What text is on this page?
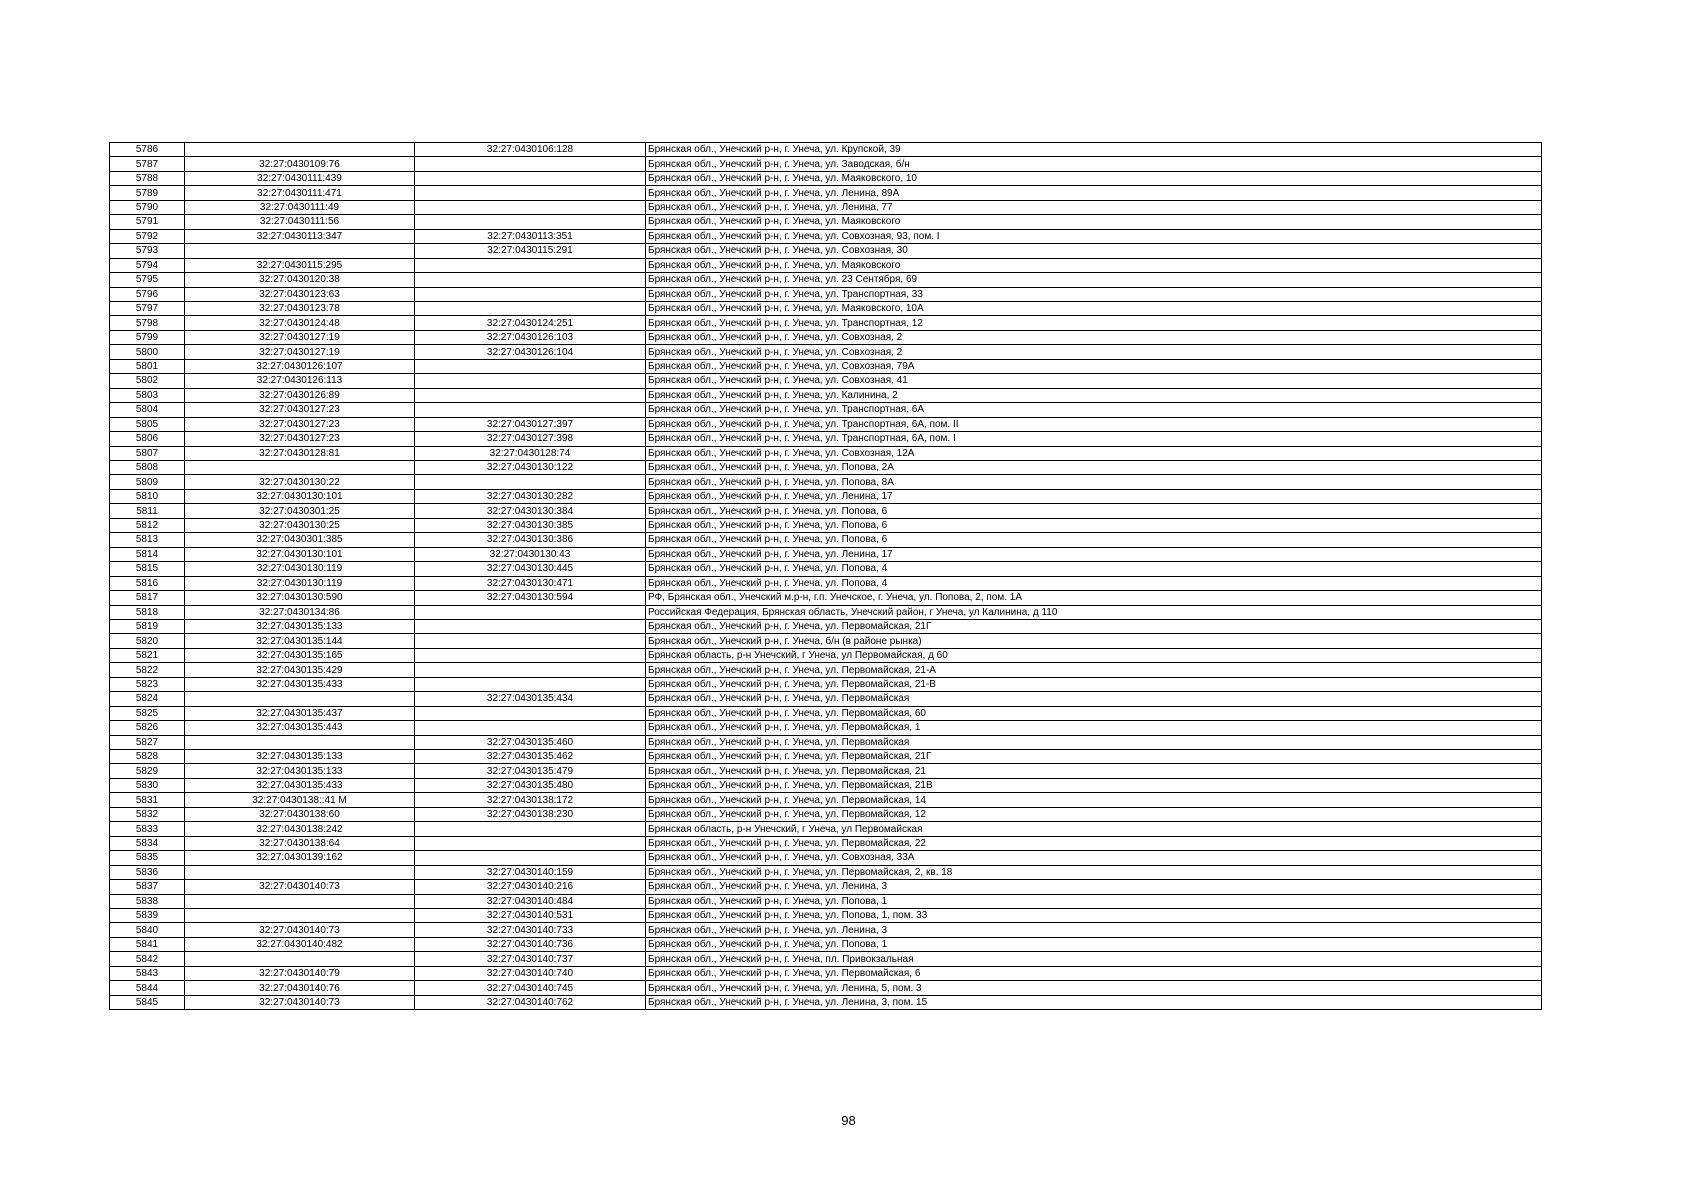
5786		32:27:0430106:128	Брянская обл., Унечский р-н, г. Унеча, ул. Крупской, 39
5787	32:27:0430109:76		Брянская обл., Унечский р-н, г. Унеча, ул. Заводская, б/н
5788	32:27:0430111:439		Брянская обл., Унечский р-н, г. Унеча, ул. Маяковского, 10
5789	32:27:0430111:471		Брянская обл., Унечский р-н, г. Унеча, ул. Ленина, 89А
5790	32:27:0430111:49		Брянская обл., Унечский р-н, г. Унеча, ул. Ленина, 77
5791	32:27:0430111:56		Брянская обл., Унечский р-н, г. Унеча, ул. Маяковского
5792	32:27:0430113:347	32:27:0430113:351	Брянская обл., Унечский р-н, г. Унеча, ул. Совхозная, 93, пом. I
5793		32:27:0430115:291	Брянская обл., Унечский р-н, г. Унеча, ул. Совхозная, 30
5794	32:27:0430115:295		Брянская обл., Унечский р-н, г. Унеча, ул. Маяковского
5795	32:27:0430120:38		Брянская обл., Унечский р-н, г. Унеча, ул. 23 Сентября, 69
5796	32:27:0430123:63		Брянская обл., Унечский р-н, г. Унеча, ул. Транспортная, 33
5797	32:27:0430123:78		Брянская обл., Унечский р-н, г. Унеча, ул. Маяковского, 10А
5798	32:27:0430124:48	32:27:0430124:251	Брянская обл., Унечский р-н, г. Унеча, ул. Транспортная, 12
5799	32:27:0430127:19	32:27:0430126:103	Брянская обл., Унечский р-н, г. Унеча, ул. Совхозная, 2
5800	32:27:0430127:19	32:27:0430126:104	Брянская обл., Унечский р-н, г. Унеча, ул. Совхозная, 2
5801	32:27:0430126:107		Брянская обл., Унечский р-н, г. Унеча, ул. Совхозная, 79А
5802	32:27:0430126:113		Брянская обл., Унечский р-н, г. Унеча, ул. Совхозная, 41
5803	32:27:0430126:89		Брянская обл., Унечский р-н, г. Унеча, ул. Калинина, 2
5804	32:27:0430127:23		Брянская обл., Унечский р-н, г. Унеча, ул. Транспортная, 6А
5805	32:27:0430127:23	32:27:0430127:397	Брянская обл., Унечский р-н, г. Унеча, ул. Транспортная, 6А, пом. II
5806	32:27:0430127:23	32:27:0430127:398	Брянская обл., Унечский р-н, г. Унеча, ул. Транспортная, 6А, пом. I
5807	32:27:0430128:81	32:27:0430128:74	Брянская обл., Унечский р-н, г. Унеча, ул. Совхозная, 12А
5808		32:27:0430130:122	Брянская обл., Унечский р-н, г. Унеча, ул. Попова, 2А
5809	32:27:0430130:22		Брянская обл., Унечский р-н, г. Унеча, ул. Попова, 8А
5810	32:27:0430130:101	32:27:0430130:282	Брянская обл., Унечский р-н, г. Унеча, ул. Ленина, 17
5811	32:27:0430301:25	32:27:0430130:384	Брянская обл., Унечский р-н, г. Унеча, ул. Попова, 6
5812	32:27:0430130:25	32:27:0430130:385	Брянская обл., Унечский р-н, г. Унеча, ул. Попова, 6
5813	32:27:0430301:385	32:27:0430130:386	Брянская обл., Унечский р-н, г. Унеча, ул. Попова, 6
5814	32:27:0430130:101	32:27:0430130:43	Брянская обл., Унечский р-н, г. Унеча, ул. Ленина, 17
5815	32:27:0430130:119	32:27:0430130:445	Брянская обл., Унечский р-н, г. Унеча, ул. Попова, 4
5816	32:27:0430130:119	32:27:0430130:471	Брянская обл., Унечский р-н, г. Унеча, ул. Попова, 4
5817	32:27:0430130:590	32:27:0430130:594	РФ, Брянская обл., Унечский м.р-н, г.п. Унечское, г. Унеча, ул. Попова, 2, пом. 1А
5818	32:27:0430134:86		Российская Федерация, Брянская область, Унечский район, г Унеча, ул Калинина, д 110
5819	32:27:0430135:133		Брянская обл., Унечский р-н, г. Унеча, ул. Первомайская, 21Г
5820	32:27:0430135:144		Брянская обл., Унечский р-н, г. Унеча, б/н (в районе рынка)
5821	32:27:0430135:165		Брянская область, р-н Унечский, г Унеча, ул Первомайская, д 60
5822	32:27:0430135:429		Брянская обл., Унечский р-н, г. Унеча, ул. Первомайская, 21-А
5823	32:27:0430135:433		Брянская обл., Унечский р-н, г. Унеча, ул. Первомайская, 21-В
5824		32:27:0430135:434	Брянская обл., Унечский р-н, г. Унеча, ул. Первомайская
5825	32:27:0430135:437		Брянская обл., Унечский р-н, г. Унеча, ул. Первомайская, 60
5826	32:27:0430135:443		Брянская обл., Унечский р-н, г. Унеча, ул. Первомайская, 1
5827		32:27:0430135:460	Брянская обл., Унечский р-н, г. Унеча, ул. Первомайская
5828	32:27:0430135:133	32:27:0430135:462	Брянская обл., Унечский р-н, г. Унеча, ул. Первомайская, 21Г
5829	32:27:0430135:133	32:27:0430135:479	Брянская обл., Унечский р-н, г. Унеча, ул. Первомайская, 21
5830	32:27:0430135:433	32:27:0430135:480	Брянская обл., Унечский р-н, г. Унеча, ул. Первомайская, 21В
5831	32:27:0430138::41 М	32:27:0430138:172	Брянская обл., Унечский р-н, г. Унеча, ул. Первомайская, 14
5832	32:27:0430138:60	32:27:0430138:230	Брянская обл., Унечский р-н, г. Унеча, ул. Первомайская, 12
5833	32:27:0430138:242		Брянская область, р-н Унечский, г Унеча, ул Первомайская
5834	32:27:0430138:64		Брянская обл., Унечский р-н, г. Унеча, ул. Первомайская, 22
5835	32:27:0430139:162		Брянская обл., Унечский р-н, г. Унеча, ул. Совхозная, 33А
5836		32:27:0430140:159	Брянская обл., Унечский р-н, г. Унеча, ул. Первомайская, 2, кв. 18
5837	32:27:0430140:73	32:27:0430140:216	Брянская обл., Унечский р-н, г. Унеча, ул. Ленина, 3
5838		32:27:0430140:484	Брянская обл., Унечский р-н, г. Унеча, ул. Попова, 1
5839		32:27:0430140:531	Брянская обл., Унечский р-н, г. Унеча, ул. Попова, 1, пом. 33
5840	32:27:0430140:73	32:27:0430140:733	Брянская обл., Унечский р-н, г. Унеча, ул. Ленина, 3
5841	32:27:0430140:482	32:27:0430140:736	Брянская обл., Унечский р-н, г. Унеча, ул. Попова, 1
5842		32:27:0430140:737	Брянская обл., Унечский р-н, г. Унеча, пл. Привокзальная
5843	32:27:0430140:79	32:27:0430140:740	Брянская обл., Унечский р-н, г. Унеча, ул. Первомайская, 6
5844	32:27:0430140:76	32:27:0430140:745	Брянская обл., Унечский р-н, г. Унеча, ул. Ленина, 5, пом. 3
5845	32:27:0430140:73	32:27:0430140:762	Брянская обл., Унечский р-н, г. Унеча, ул. Ленина, 3, пом. 15
98
